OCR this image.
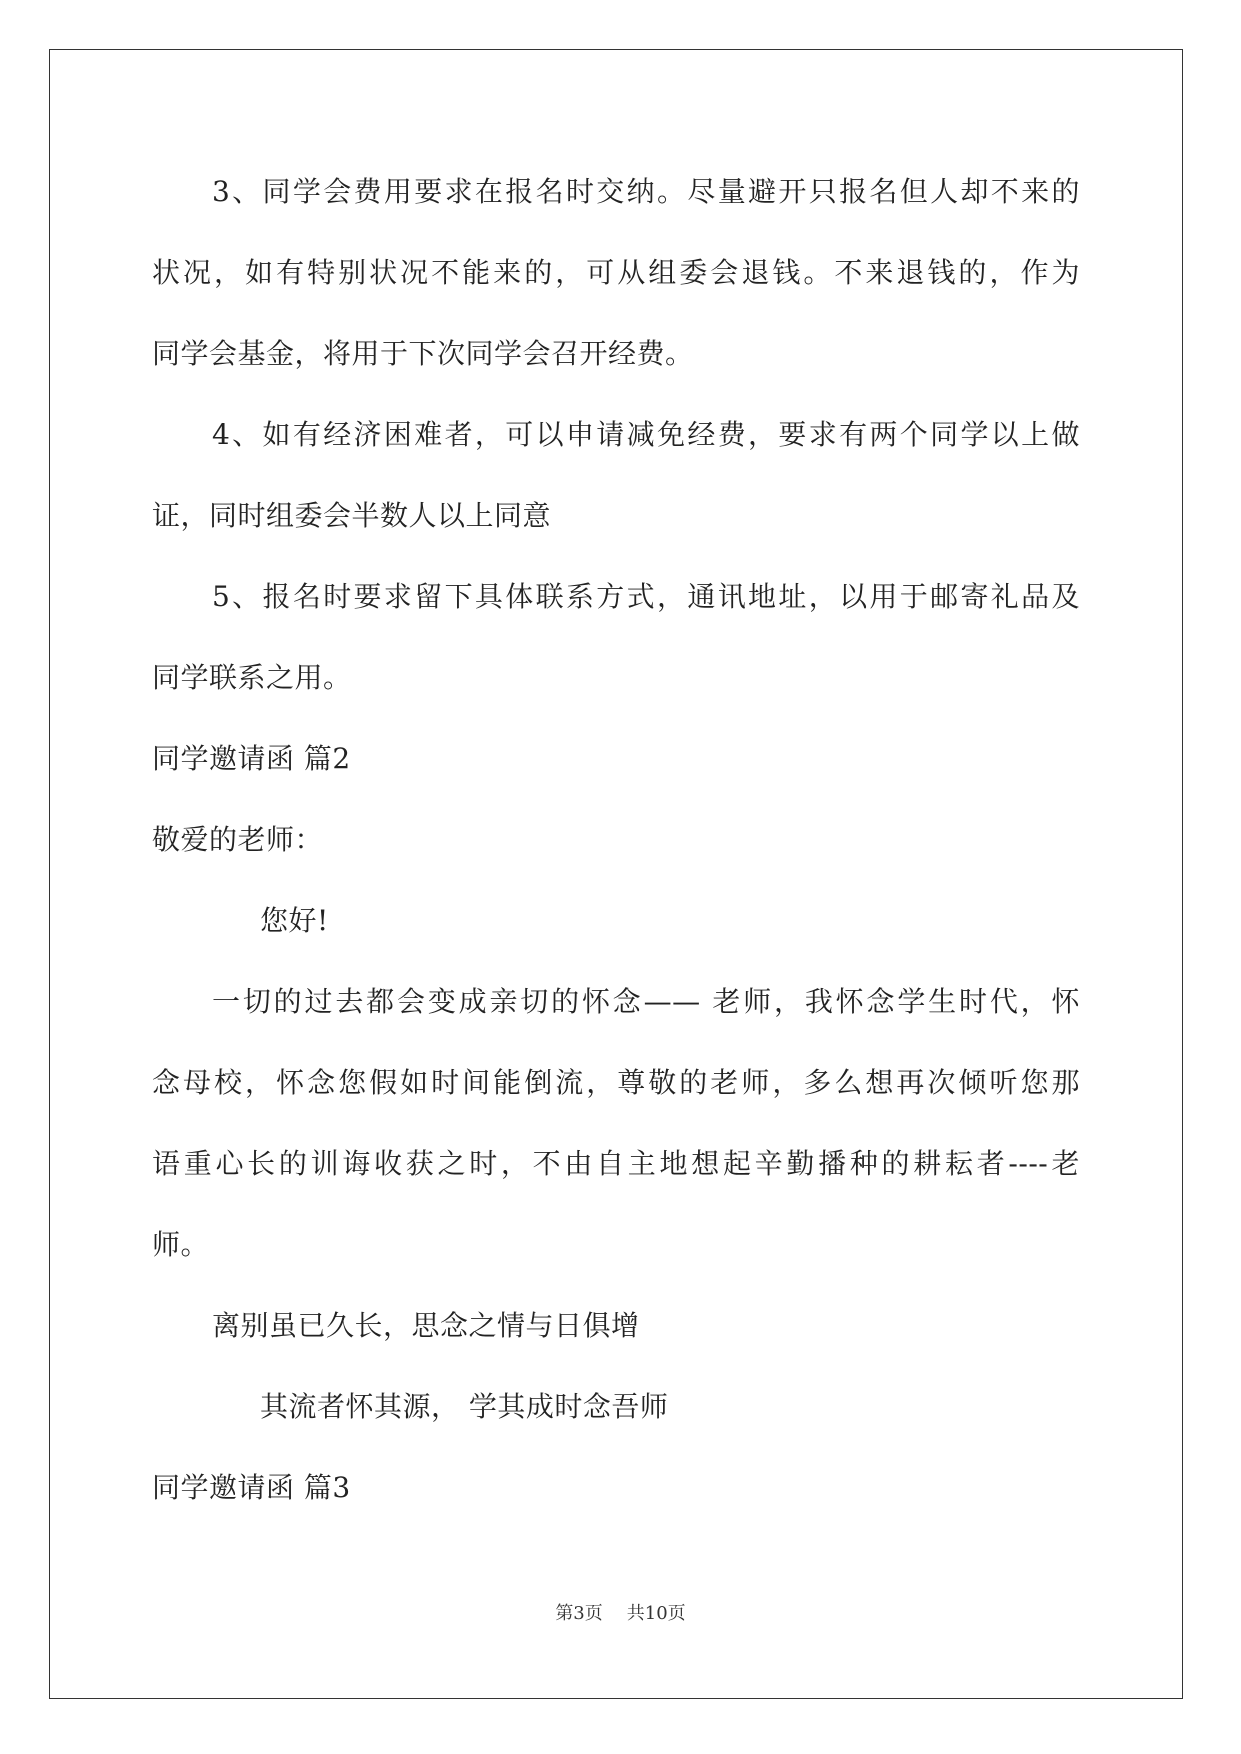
3、同学会费用要求在报名时交纳。尽量避开只报名但人却不来的
状况，如有特别状况不能来的，可从组委会退钱。不来退钱的，作为
同学会基金，将用于下次同学会召开经费。
4、如有经济困难者，可以申请减免经费，要求有两个同学以上做
证，同时组委会半数人以上同意
5、报名时要求留下具体联系方式，通讯地址，以用于邮寄礼品及
同学联系之用。
同学邀请函 篇2
敬爱的老师：
您好!
一切的过去都会变成亲切的怀念—— 老师，我怀念学生时代，怀
念母校，怀念您假如时间能倒流，尊敬的老师，多么想再次倾听您那
语重心长的训诲收获之时，不由自主地想起辛勤播种的耕耘者----老
师。
离别虽已久长，思念之情与日俱增
其流者怀其源， 学其成时念吾师
同学邀请函 篇3
第3页 共10页
